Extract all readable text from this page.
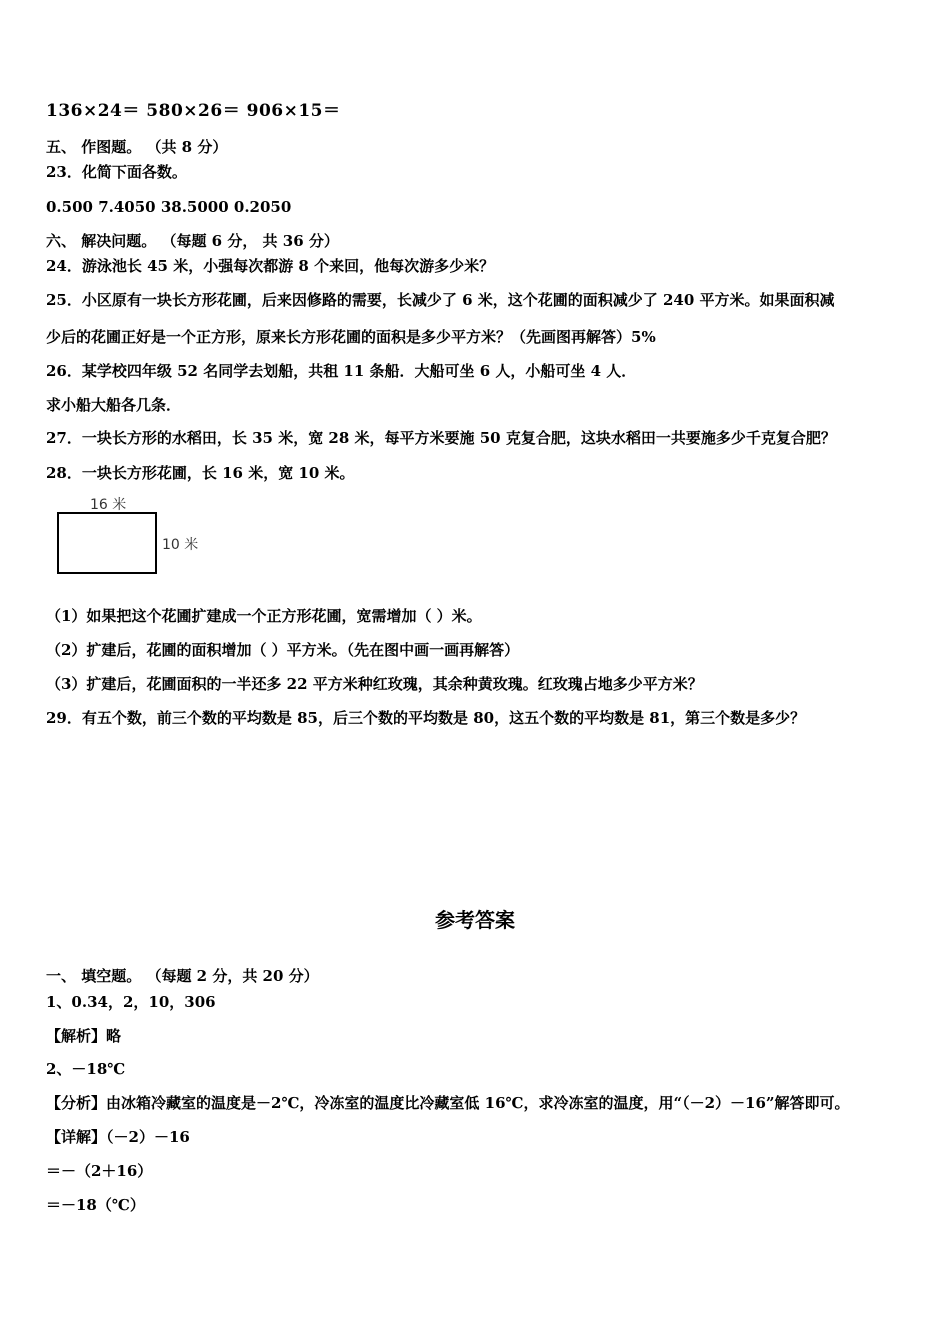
136×24＝ 580×26＝ 906×15＝
五、 作图题。 （共 8 分）
23．化简下面各数。
0.500 7.4050 38.5000 0.2050
六、 解决问题。 （每题 6 分， 共 36 分）
24．游泳池长 45 米，小强每次都游 8 个来回，他每次游多少米？
25．小区原有一块长方形花圃，后来因修路的需要，长减少了 6 米，这个花圃的面积减少了 240 平方米。如果面积减
少后的花圃正好是一个正方形，原来长方形花圃的面积是多少平方米？（先画图再解答）5%
26．某学校四年级 52 名同学去划船，共租 11 条船．大船可坐 6 人，小船可坐 4 人．
求小船大船各几条．
27．一块长方形的水稻田，长 35 米，宽 28 米，每平方米要施 50 克复合肥，这块水稻田一共要施多少千克复合肥？
28．一块长方形花圃，长 16 米，宽 10 米。
16 米
10 米
（1）如果把这个花圃扩建成一个正方形花圃，宽需增加（ ）米。
（2）扩建后，花圃的面积增加（ ）平方米。（先在图中画一画再解答）
（3）扩建后，花圃面积的一半还多 22 平方米种红玫瑰，其余种黄玫瑰。红玫瑰占地多少平方米？
29．有五个数，前三个数的平均数是 85，后三个数的平均数是 80，这五个数的平均数是 81，第三个数是多少？
参考答案
一、 填空题。 （每题 2 分，共 20 分）
1、0.34，2，10，306
【解析】略
2、－18℃
【分析】由冰箱冷藏室的温度是－2℃，冷冻室的温度比冷藏室低 16℃，求冷冻室的温度，用“（－2）－16”解答即可。
【详解】（－2）－16
＝－（2＋16）
＝－18（℃）
